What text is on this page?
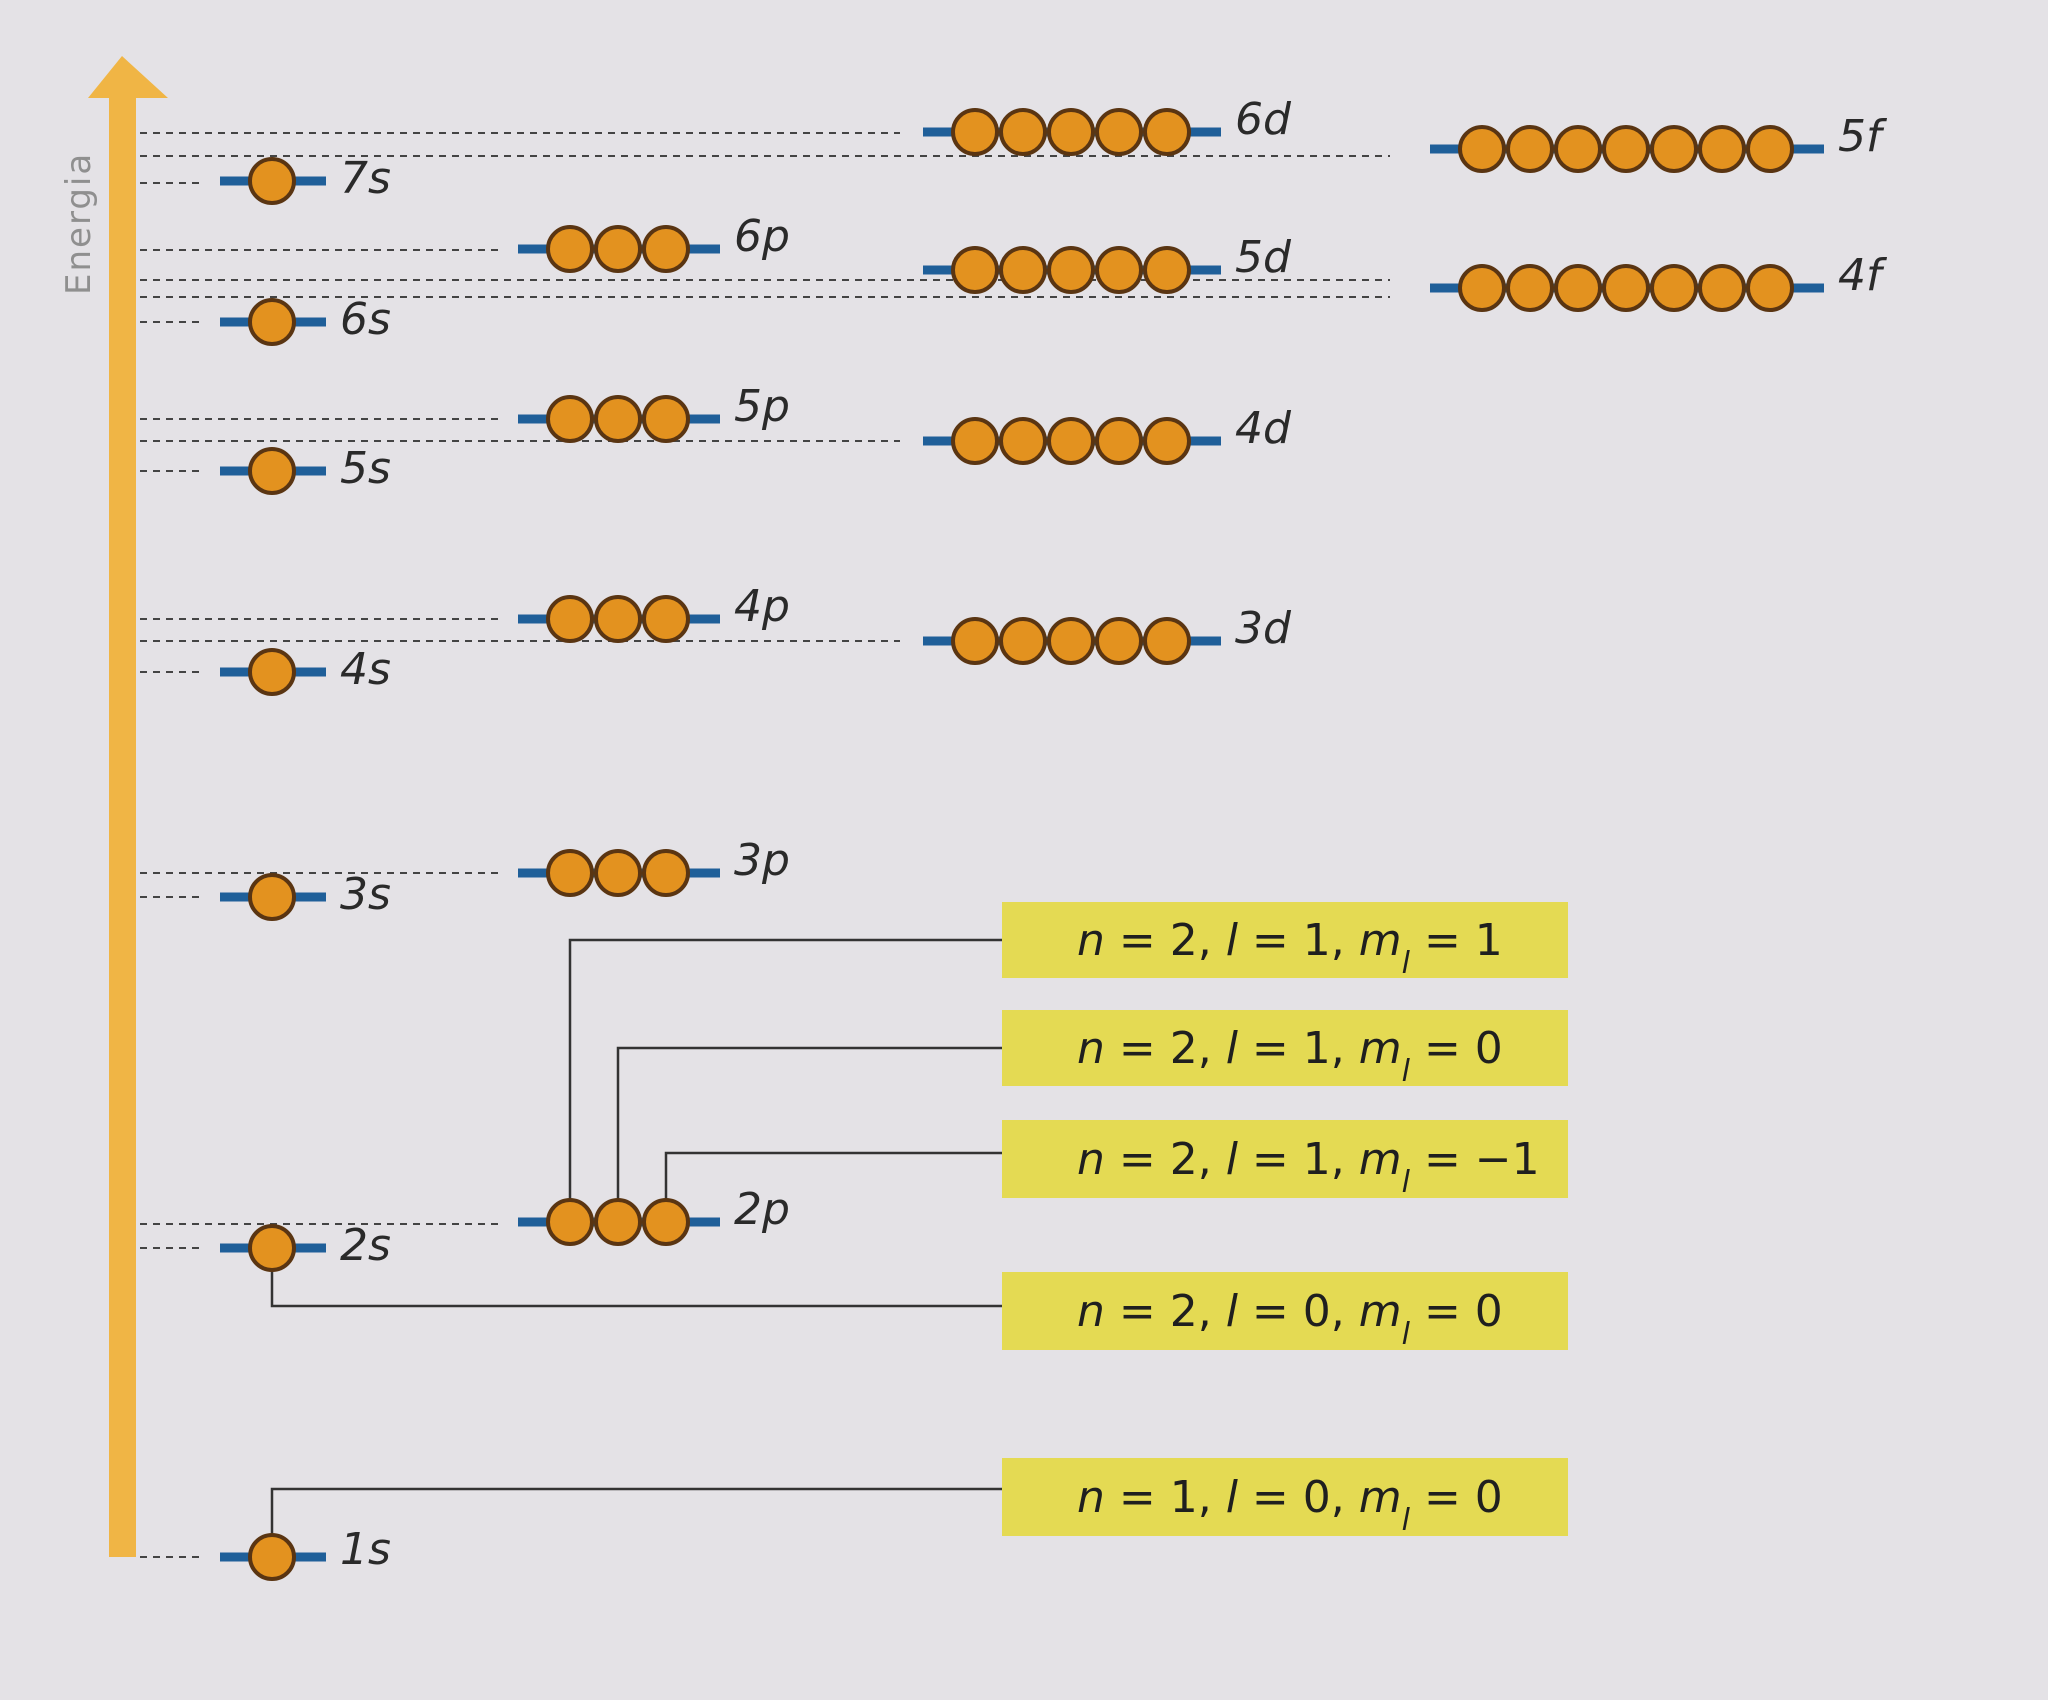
Energia
1s
2s
2p
3s
3p
4s
3d
4p
5s
4d
5p
6s
4f
5d
6p
7s
5f
6d
n = 2, l = 1, $m_l = 1$
n = 2, l = 1, $m_l = 0$
n = 2, l = 1, $m_l = -1$
n = 2, l = 0, $m_l = 0$
n = 1, l = 0, $m_l = 0$
